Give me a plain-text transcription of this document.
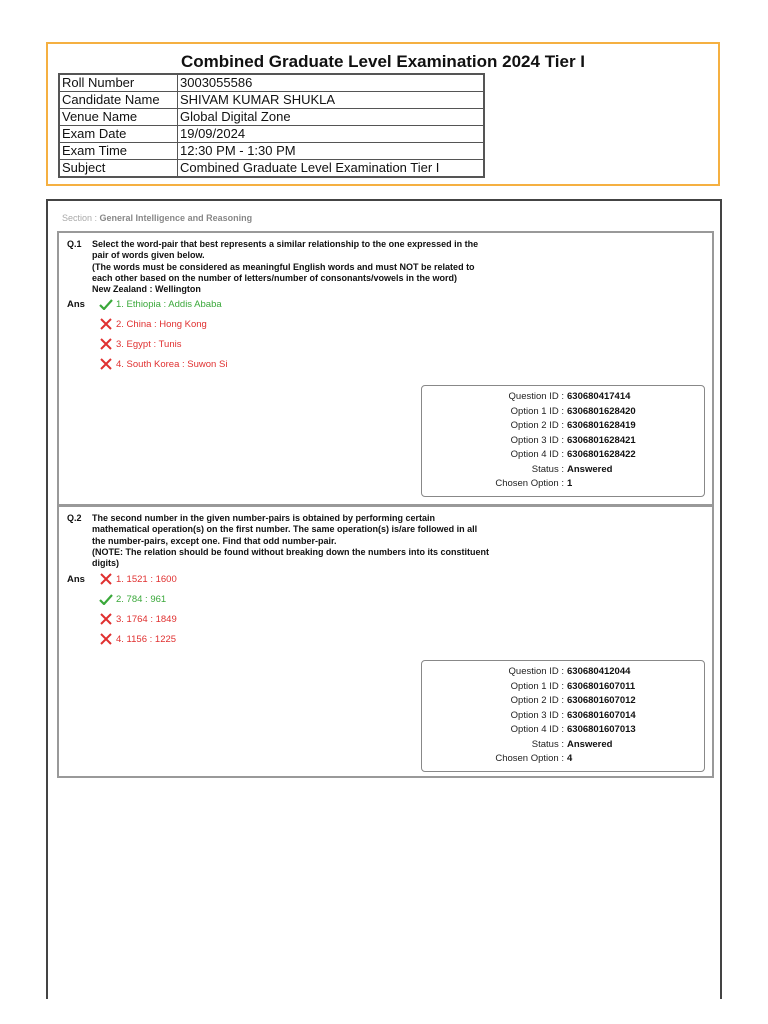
Combined Graduate Level Examination 2024 Tier I
Roll Number	3003055586
Candidate Name	SHIVAM KUMAR SHUKLA
Venue Name	Global Digital Zone
Exam Date	19/09/2024
Exam Time	12:30 PM - 1:30 PM
Subject	Combined Graduate Level Examination Tier I
Section : General Intelligence and Reasoning
Q.1 Select the word-pair that best represents a similar relationship to the one expressed in the
pair of words given below.
(The words must be considered as meaningful English words and must NOT be related to
each other based on the number of letters/number of consonants/vowels in the word)
New Zealand : Wellington
Ans	1. Ethiopia : Addis Ababa
2. China : Hong Kong
3. Egypt : Tunis
4. South Korea : Suwon Si
Question ID : 630680417414
Option 1 ID : 6306801628420
Option 2 ID : 6306801628419
Option 3 ID : 6306801628421
Option 4 ID : 6306801628422
Status : Answered
Chosen Option : 1
Q.2 The second number in the given number-pairs is obtained by performing certain
mathematical operation(s) on the first number. The same operation(s) is/are followed in all
the number-pairs, except one. Find that odd number-pair.
(NOTE: The relation should be found without breaking down the numbers into its constituent
digits)
Ans	1. 1521 : 1600
2. 784 : 961
3. 1764 : 1849
4. 1156 : 1225
Question ID : 630680412044
Option 1 ID : 6306801607011
Option 2 ID : 6306801607012
Option 3 ID : 6306801607014
Option 4 ID : 6306801607013
Status : Answered
Chosen Option : 4
